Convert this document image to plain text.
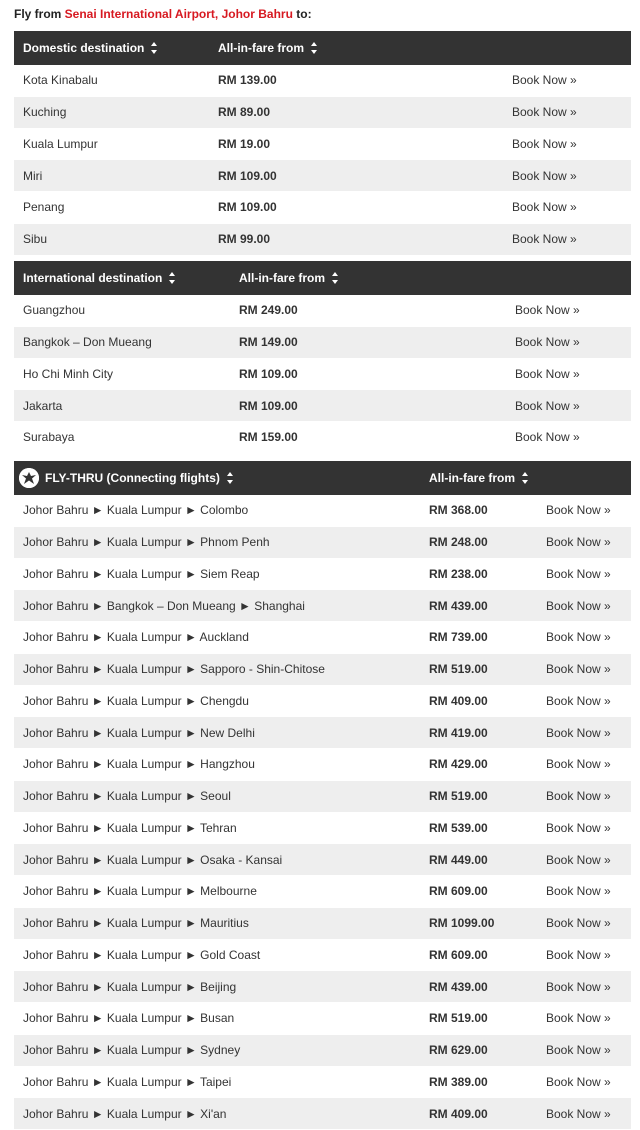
Fly from Senai International Airport, Johor Bahru to:
Domestic destination	All-in-fare from	
Kota Kinabalu	RM 139.00	Book Now »
Kuching	RM 89.00	Book Now »
Kuala Lumpur	RM 19.00	Book Now »
Miri	RM 109.00	Book Now »
Penang	RM 109.00	Book Now »
Sibu	RM 99.00	Book Now »
International destination	All-in-fare from	
Guangzhou	RM 249.00	Book Now »
Bangkok – Don Mueang	RM 149.00	Book Now »
Ho Chi Minh City	RM 109.00	Book Now »
Jakarta	RM 109.00	Book Now »
Surabaya	RM 159.00	Book Now »
FLY-THRU (Connecting flights)	All-in-fare from	
Johor Bahru ► Kuala Lumpur ► Colombo	RM 368.00	Book Now »
Johor Bahru ► Kuala Lumpur ► Phnom Penh	RM 248.00	Book Now »
Johor Bahru ► Kuala Lumpur ► Siem Reap	RM 238.00	Book Now »
Johor Bahru ► Bangkok – Don Mueang ► Shanghai	RM 439.00	Book Now »
Johor Bahru ► Kuala Lumpur ► Auckland	RM 739.00	Book Now »
Johor Bahru ► Kuala Lumpur ► Sapporo - Shin-Chitose	RM 519.00	Book Now »
Johor Bahru ► Kuala Lumpur ► Chengdu	RM 409.00	Book Now »
Johor Bahru ► Kuala Lumpur ► New Delhi	RM 419.00	Book Now »
Johor Bahru ► Kuala Lumpur ► Hangzhou	RM 429.00	Book Now »
Johor Bahru ► Kuala Lumpur ► Seoul	RM 519.00	Book Now »
Johor Bahru ► Kuala Lumpur ► Tehran	RM 539.00	Book Now »
Johor Bahru ► Kuala Lumpur ► Osaka - Kansai	RM 449.00	Book Now »
Johor Bahru ► Kuala Lumpur ► Melbourne	RM 609.00	Book Now »
Johor Bahru ► Kuala Lumpur ► Mauritius	RM 1099.00	Book Now »
Johor Bahru ► Kuala Lumpur ► Gold Coast	RM 609.00	Book Now »
Johor Bahru ► Kuala Lumpur ► Beijing	RM 439.00	Book Now »
Johor Bahru ► Kuala Lumpur ► Busan	RM 519.00	Book Now »
Johor Bahru ► Kuala Lumpur ► Sydney	RM 629.00	Book Now »
Johor Bahru ► Kuala Lumpur ► Taipei	RM 389.00	Book Now »
Johor Bahru ► Kuala Lumpur ► Xi'an	RM 409.00	Book Now »
